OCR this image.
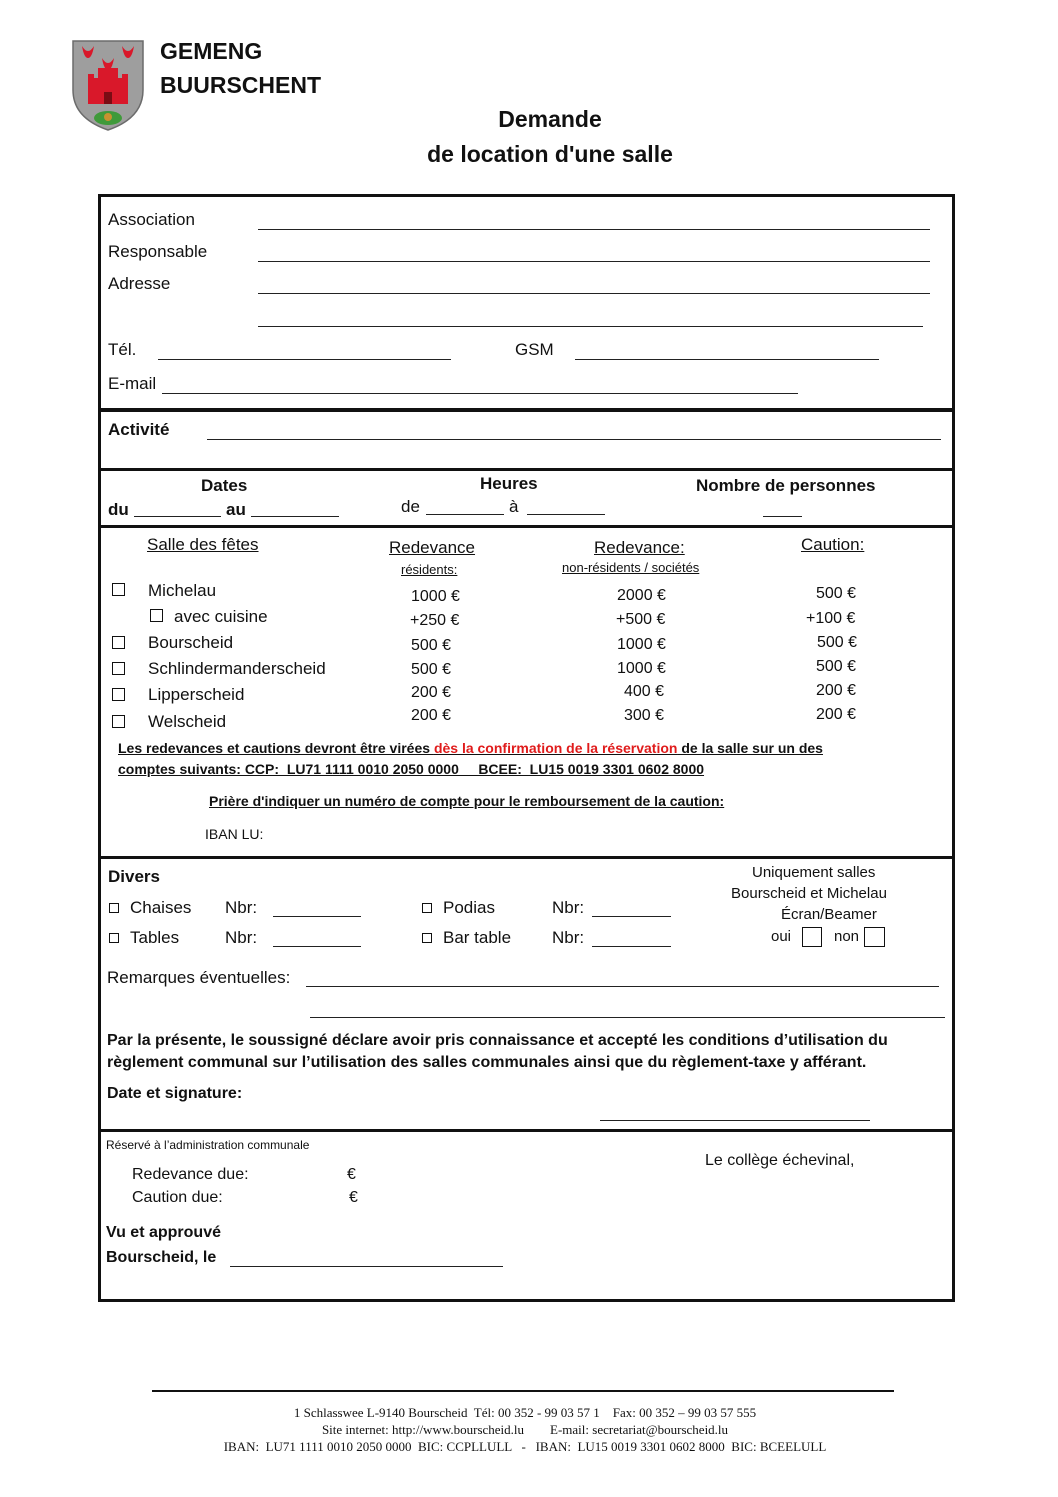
GEMENG
BUURSCHENT
Demande
de location d'une salle
Association
Responsable
Adresse
Tél.	GSM
E-mail
Activité
Dates
du	au
Heures
de	à
Nombre de personnes
Salle des fêtes	Redevance
résidents:
Redevance:
non-résidents / sociétés
Caution:
Michelau	1000 €	2000 €	500 €
avec cuisine	+250 €	+500 €	+100 €
Bourscheid	500 €	1000 €	500 €
Schlindermanderscheid	500 €	1000 €	500 €
Lipperscheid	200 €	400 €	200 €
Welscheid	200 €	300 €	200 €
Les redevances et cautions devront être virées dès la confirmation de la réservation de la salle sur un des
comptes suivants: CCP:  LU71 1111 0010 2050 0000     BCEE:  LU15 0019 3301 0602 8000
Prière d'indiquer un numéro de compte pour le remboursement de la caution:
IBAN LU:
Divers
Chaises Nbr:
Tables	Nbr:
Podias	Nbr:
Bar table Nbr:
Uniquement salles
Bourscheid et Michelau
Écran/Beamer
oui	non
Remarques éventuelles:
Par la présente, le soussigné déclare avoir pris connaissance et accepté les conditions d’utilisation du
règlement communal sur l’utilisation des salles communales ainsi que du règlement-taxe y afférant.
Date et signature:
Réservé à l’administration communale
Redevance due:	€
Caution due:	€
Le collège échevinal,
Vu et approuvé
Bourscheid, le
1 Schlasswee L-9140 Bourscheid  Tél: 00 352 - 99 03 57 1    Fax: 00 352 – 99 03 57 555
Site internet: http://www.bourscheid.lu        E-mail: secretariat@bourscheid.lu
IBAN:  LU71 1111 0010 2050 0000  BIC: CCPLLULL   -   IBAN:  LU15 0019 3301 0602 8000  BIC: BCEELULL
